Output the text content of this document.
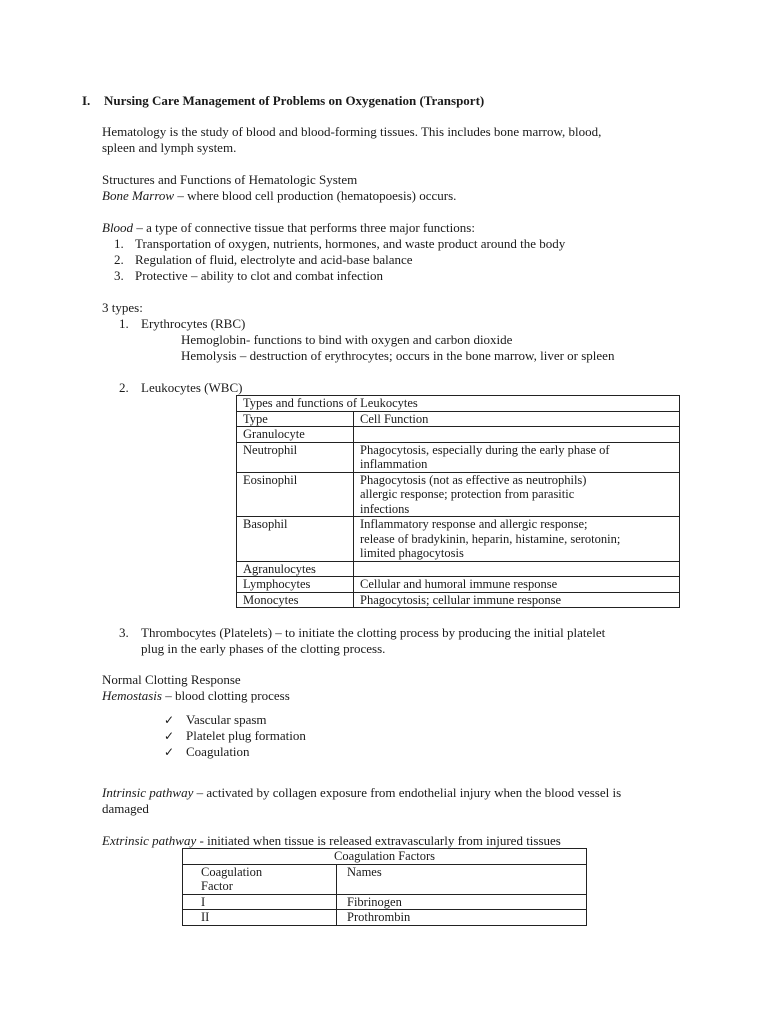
I. Nursing Care Management of Problems on Oxygenation (Transport)
Hematology is the study of blood and blood-forming tissues. This includes bone marrow, blood,
spleen and lymph system.
Structures and Functions of Hematologic System
Bone Marrow – where blood cell production (hematopoesis) occurs.
Blood – a type of connective tissue that performs three major functions:
1. Transportation of oxygen, nutrients, hormones, and waste product around the body
2. Regulation of fluid, electrolyte and acid-base balance
3. Protective – ability to clot and combat infection
3 types:
1. Erythrocytes (RBC)
Hemoglobin- functions to bind with oxygen and carbon dioxide
Hemolysis – destruction of erythrocytes; occurs in the bone marrow, liver or spleen
2. Leukocytes (WBC)
Types and functions of Leukocytes	
Type	Cell Function
Granulocyte	
Neutrophil	Phagocytosis, especially during the early phase of
inflammation
Eosinophil	Phagocytosis (not as effective as neutrophils)
allergic response; protection from parasitic
infections
Basophil	Inflammatory response and allergic response;
release of bradykinin, heparin, histamine, serotonin;
limited phagocytosis
Agranulocytes	
Lymphocytes	Cellular and humoral immune response
Monocytes	Phagocytosis; cellular immune response
3. Thrombocytes (Platelets) – to initiate the clotting process by producing the initial platelet
plug in the early phases of the clotting process.
Normal Clotting Response
Hemostasis – blood clotting process
✓ Vascular spasm
✓ Platelet plug formation
✓ Coagulation
Intrinsic pathway – activated by collagen exposure from endothelial injury when the blood vessel is
damaged
Extrinsic pathway - initiated when tissue is released extravascularly from injured tissues
Coagulation Factors	
Coagulation
Factor	Names
I	Fibrinogen
II	Prothrombin
